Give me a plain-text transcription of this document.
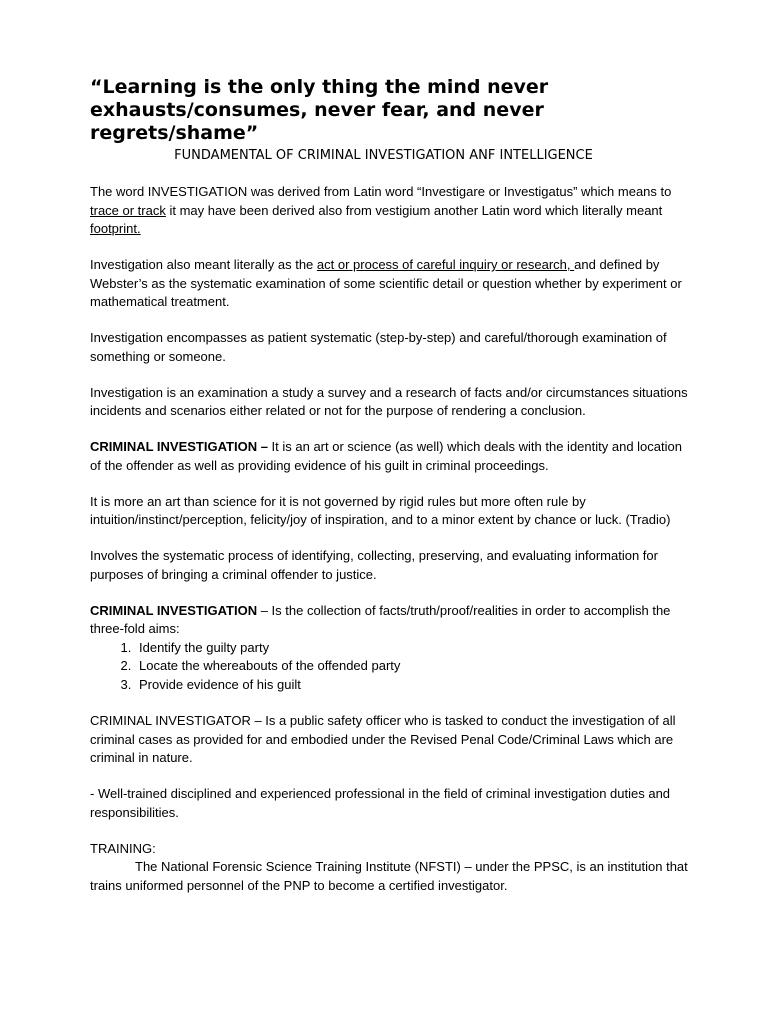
“Learning is the only thing the mind never exhausts/consumes, never fear, and never regrets/shame”

FUNDAMENTAL OF CRIMINAL INVESTIGATION ANF INTELLIGENCE

The word INVESTIGATION was derived from Latin word “Investigare or Investigatus” which means to trace or track it may have been derived also from vestigium another Latin word which literally meant footprint.

Investigation also meant literally as the act or process of careful inquiry or research, and defined by Webster’s as the systematic examination of some scientific detail or question whether by experiment or mathematical treatment.

Investigation encompasses as patient systematic (step-by-step) and careful/thorough examination of something or someone.

Investigation is an examination a study a survey and a research of facts and/or circumstances situations incidents and scenarios either related or not for the purpose of rendering a conclusion.

CRIMINAL INVESTIGATION – It is an art or science (as well) which deals with the identity and location of the offender as well as providing evidence of his guilt in criminal proceedings.

It is more an art than science for it is not governed by rigid rules but more often rule by intuition/instinct/perception, felicity/joy of inspiration, and to a minor extent by chance or luck. (Tradio)

Involves the systematic process of identifying, collecting, preserving, and evaluating information for purposes of bringing a criminal offender to justice.

CRIMINAL INVESTIGATION – Is the collection of facts/truth/proof/realities in order to accomplish the three-fold aims:

1. Identify the guilty party
2. Locate the whereabouts of the offended party
3. Provide evidence of his guilt

CRIMINAL INVESTIGATOR – Is a public safety officer who is tasked to conduct the investigation of all criminal cases as provided for and embodied under the Revised Penal Code/Criminal Laws which are criminal in nature.

- Well-trained disciplined and experienced professional in the field of criminal investigation duties and responsibilities.

TRAINING:

The National Forensic Science Training Institute (NFSTI) – under the PPSC, is an institution that trains uniformed personnel of the PNP to become a certified investigator.
